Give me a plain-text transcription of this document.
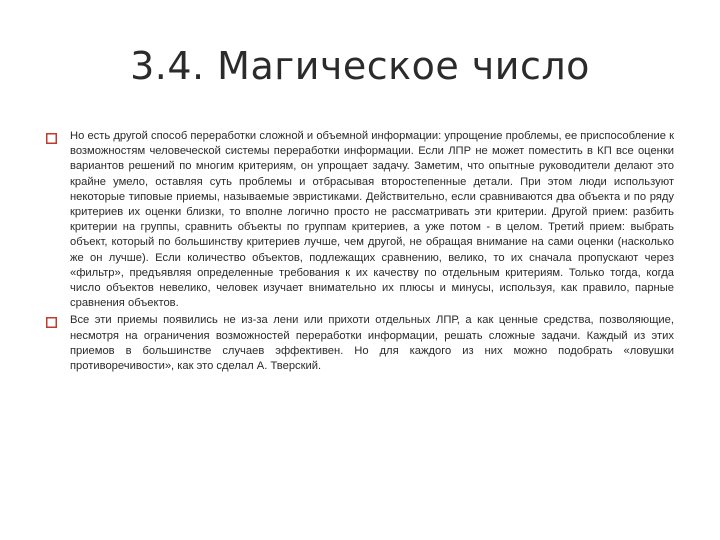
3.4. Магическое число
Но есть другой способ переработки сложной и объемной информации: упрощение проблемы, ее приспособление к возможностям человеческой системы переработки информации. Если ЛПР не может поместить в КП все оценки вариантов решений по многим критериям, он упрощает задачу. Заметим, что опытные руководители делают это крайне умело, оставляя суть проблемы и отбрасывая второстепенные детали. При этом люди используют некоторые типовые приемы, называемые эвристиками. Действительно, если сравниваются два объекта и по ряду критериев их оценки близки, то вполне логично просто не рассматривать эти критерии. Другой прием: разбить критерии на группы, сравнить объекты по группам критериев, а уже потом - в целом. Третий прием: выбрать объект, который по большинству критериев лучше, чем другой, не обращая внимание на сами оценки (насколько же он лучше). Если количество объектов, подлежащих сравнению, велико, то их сначала пропускают через «фильтр», предъявляя определенные требования к их качеству по отдельным критериям. Только тогда, когда число объектов невелико, человек изучает внимательно их плюсы и минусы, используя, как правило, парные сравнения объектов.
Все эти приемы появились не из-за лени или прихоти отдельных ЛПР, а как ценные средства, позволяющие, несмотря на ограничения возможностей переработки информации, решать сложные задачи. Каждый из этих приемов в большинстве случаев эффективен. Но для каждого из них можно подобрать «ловушки противоречивости», как это сделал А. Тверский.
